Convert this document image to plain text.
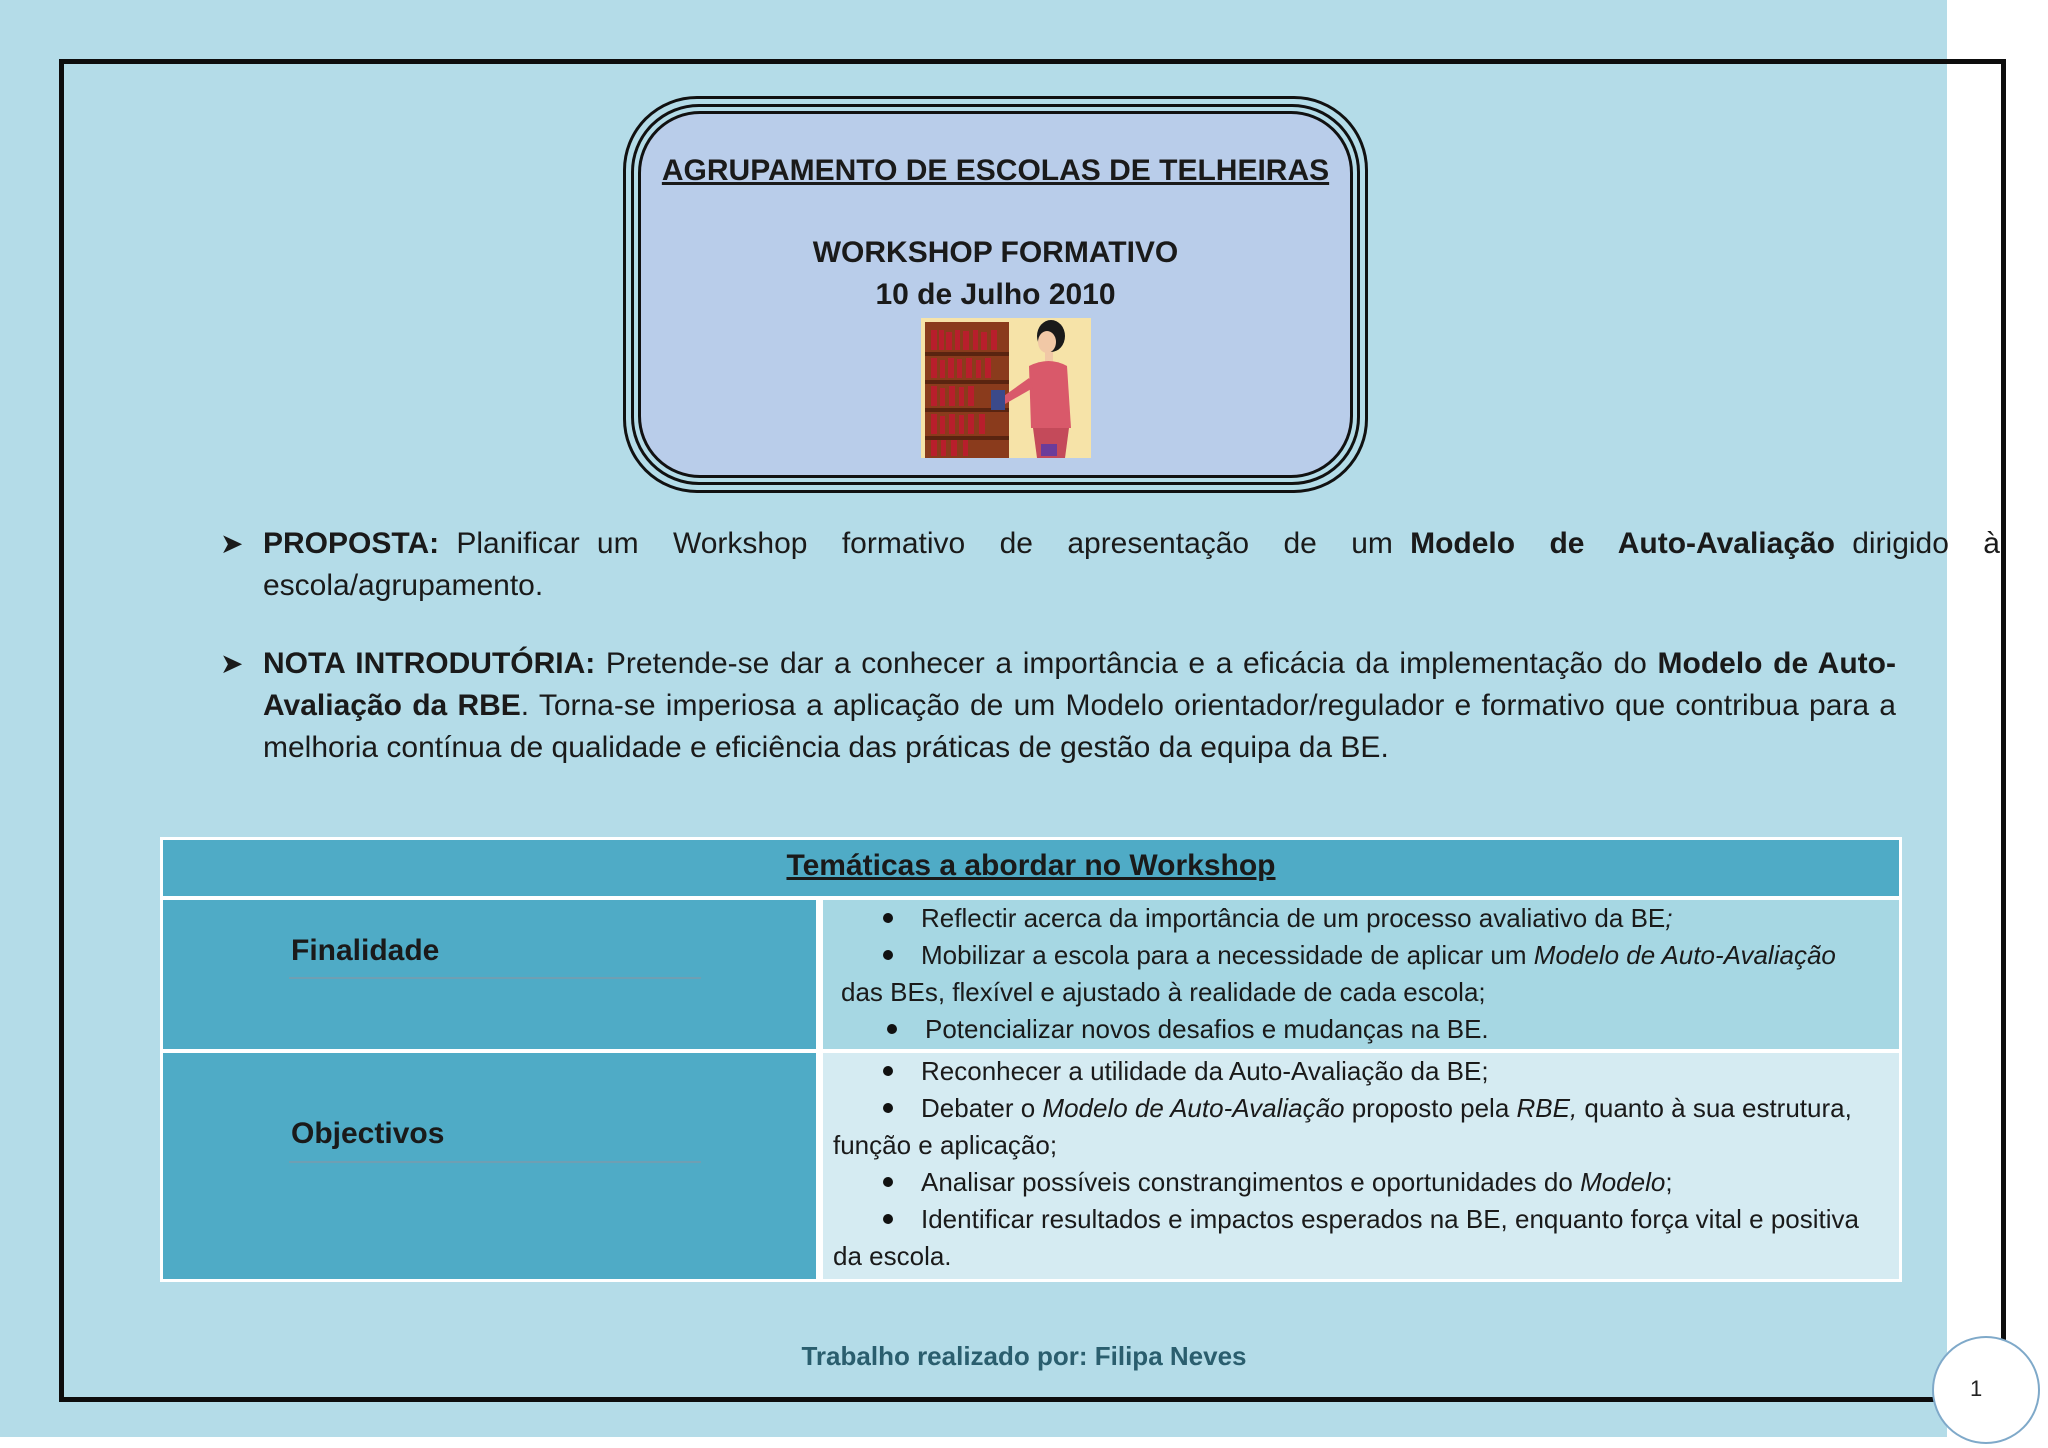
AGRUPAMENTO DE ESCOLAS DE TELHEIRAS
WORKSHOP FORMATIVO
10 de Julho 2010
➤ PROPOSTA: Planificar um  Workshop  formativo  de  apresentação  de  um Modelo  de  Auto-Avaliação dirigido  à escola/agrupamento.
➤ NOTA INTRODUTÓRIA: Pretende-se dar a conhecer a importância e a eficácia da implementação do Modelo de Auto-Avaliação da RBE. Torna-se imperiosa a aplicação de um Modelo orientador/regulador e formativo que contribua para a melhoria contínua de qualidade e eficiência das práticas de gestão da equipa da BE.
Temáticas a abordar no Workshop
Finalidade
Reflectir acerca da importância de um processo avaliativo da BE;
Mobilizar a escola para a necessidade de aplicar um Modelo de Auto-Avaliação
das BEs, flexível e ajustado à realidade de cada escola;
Potencializar novos desafios e mudanças na BE.
Objectivos
Reconhecer a utilidade da Auto-Avaliação da BE;
Debater o Modelo de Auto-Avaliação proposto pela RBE, quanto à sua estrutura,
função e aplicação;
Analisar possíveis constrangimentos e oportunidades do Modelo;
Identificar resultados e impactos esperados na BE, enquanto força vital e positiva
da escola.
Trabalho realizado por: Filipa Neves
1
